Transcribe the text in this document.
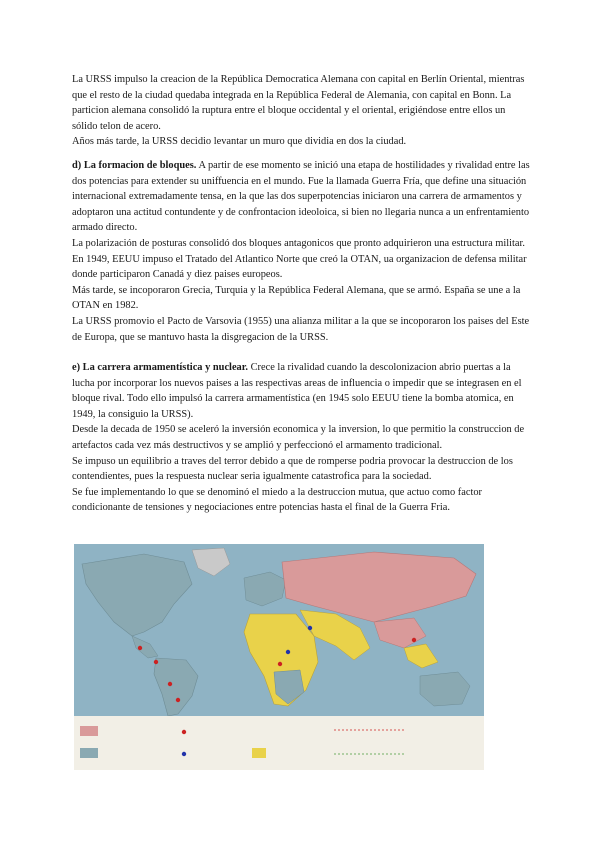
La URSS impulso la creacion de la República Democratica Alemana con capital en Berlín Oriental, mientras que el resto de la ciudad quedaba integrada en la República Federal de Alemania, con capital en Bonn. La particion alemana consolidó la ruptura entre el bloque occidental y el oriental, erigiéndose entre ellos un sólido telon de acero.

Años más tarde, la URSS decidio levantar un muro que dividia en dos la ciudad.

d) La formacion de bloques. A partir de ese momento se inició una etapa de hostilidades y rivalidad entre las dos potencias para extender su uniffuencia en el mundo. Fue la llamada Guerra Fría, que define una situación internacional extremadamente tensa, en la que las dos superpotencias iniciaron una carrera de armamentos y adoptaron una actitud contundente y de confrontacion ideoloica, si bien no llegaria nunca a un enfrentamiento armado directo.

La polarización de posturas consolidó dos bloques antagonicos que pronto adquirieron una estructura militar.

En 1949, EEUU impuso el Tratado del Atlantico Norte que creó la OTAN, ua organizacion de defensa militar donde participaron Canadá y diez paises europeos.

Más tarde, se incoporaron Grecia, Turquia y la República Federal Alemana, que se armó. España se une a la OTAN en 1982.

La URSS promovio el Pacto de Varsovia (1955) una alianza militar a la que se incoporaron los paises del Este de Europa, que se mantuvo hasta la disgregacion de la URSS.

e) La carrera armamentística y nuclear. Crece la rivalidad cuando la descolonizacion abrio puertas a la lucha por incorporar los nuevos paises a las respectivas areas de influencia o impedir que se integrasen en el bloque rival. Todo ello impulsó la carrera armamentística (en 1945 solo EEUU tiene la bomba atomica, en 1949, la consiguio la URSS).

Desde la decada de 1950 se aceleró la inversión economica y la inversion, lo que permitio la construccion de artefactos cada vez más destructivos y se amplió y perfeccionó el armamento tradicional.

Se impuso un equilibrio a traves del terror debido a que de romperse podria provocar la destruccion de los contendientes, pues la respuesta nuclear seria igualmente catastrofica para la sociedad.

Se fue implementando lo que se denominó el miedo a la destruccion mutua, que actuo como factor condicionante de tensiones y negociaciones entre potencias hasta el final de la Guerra Fria.
